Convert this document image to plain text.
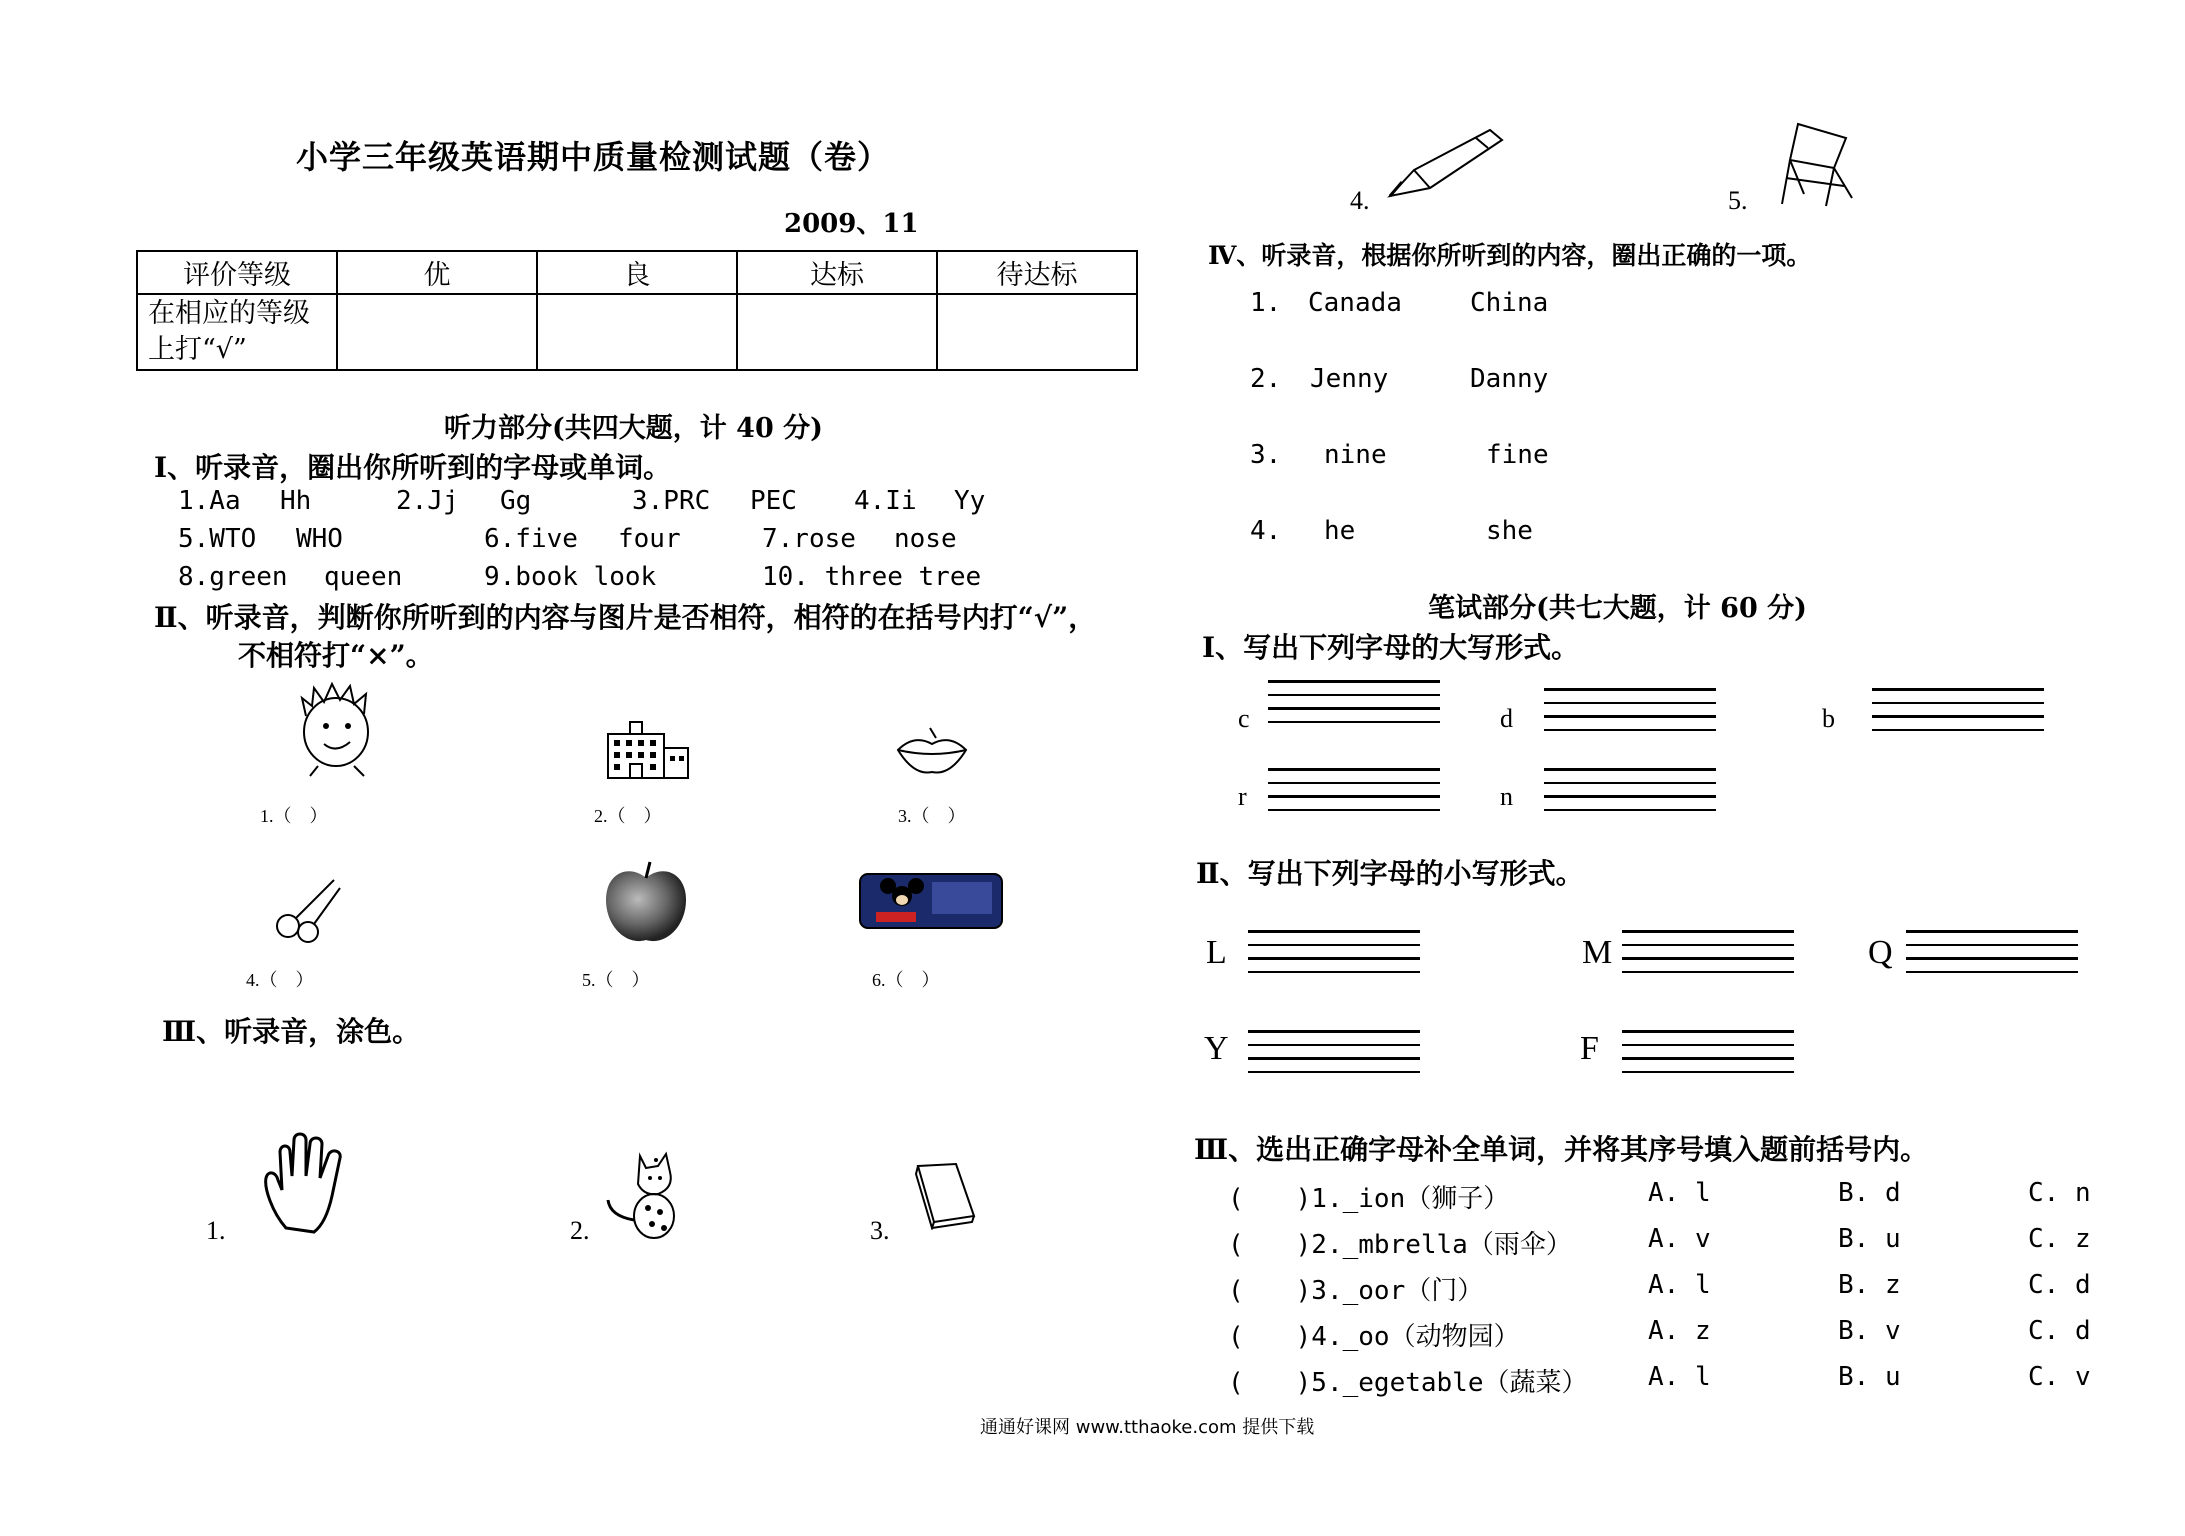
小学三年级英语期中质量检测试题（卷）
2009、11
评价等级	优	良	达标	待达标

在相应的等级
上打“√”				

听力部分(共四大题，计 40 分)
Ⅰ、听录音，圈出你所听到的字母或单词。
1.Aa Hh	2.Jj Gg	3.PRC PEC 4.Ii Yy
5.WTO WHO	6.five four	7.rose nose
8.green queen	9.book look	10. three tree
Ⅱ、听录音，判断你所听到的内容与图片是否相符，相符的在括号内打“√”，
不相符打“×”。
1.（　）	2.（　）	3.（　）
4.（　）	5.（　）	6.（　）
Ⅲ、听录音，涂色。
1.	2.	3.
4.	5.
Ⅳ、听录音，根据你所听到的内容，圈出正确的一项。
1. Canada	China
2. Jenny	Danny
3. nine	fine
4. he	she
笔试部分(共七大题，计 60 分)
Ⅰ、写出下列字母的大写形式。
c	d	b
r	n
Ⅱ、写出下列字母的小写形式。
L	M	Q
Y	F
Ⅲ、选出正确字母补全单词，并将其序号填入题前括号内。
(　　)1._ion（狮子）	A. l	B. d	C. n
(　　)2._mbrella（雨伞）	A. v	B. u	C. z
(　　)3._oor（门）	A. l	B. z	C. d
(　　)4._oo（动物园）	A. z	B. v	C. d
(　　)5._egetable（蔬菜） A. l	B. u	C. v
通通好课网 www.tthaoke.com 提供下载
